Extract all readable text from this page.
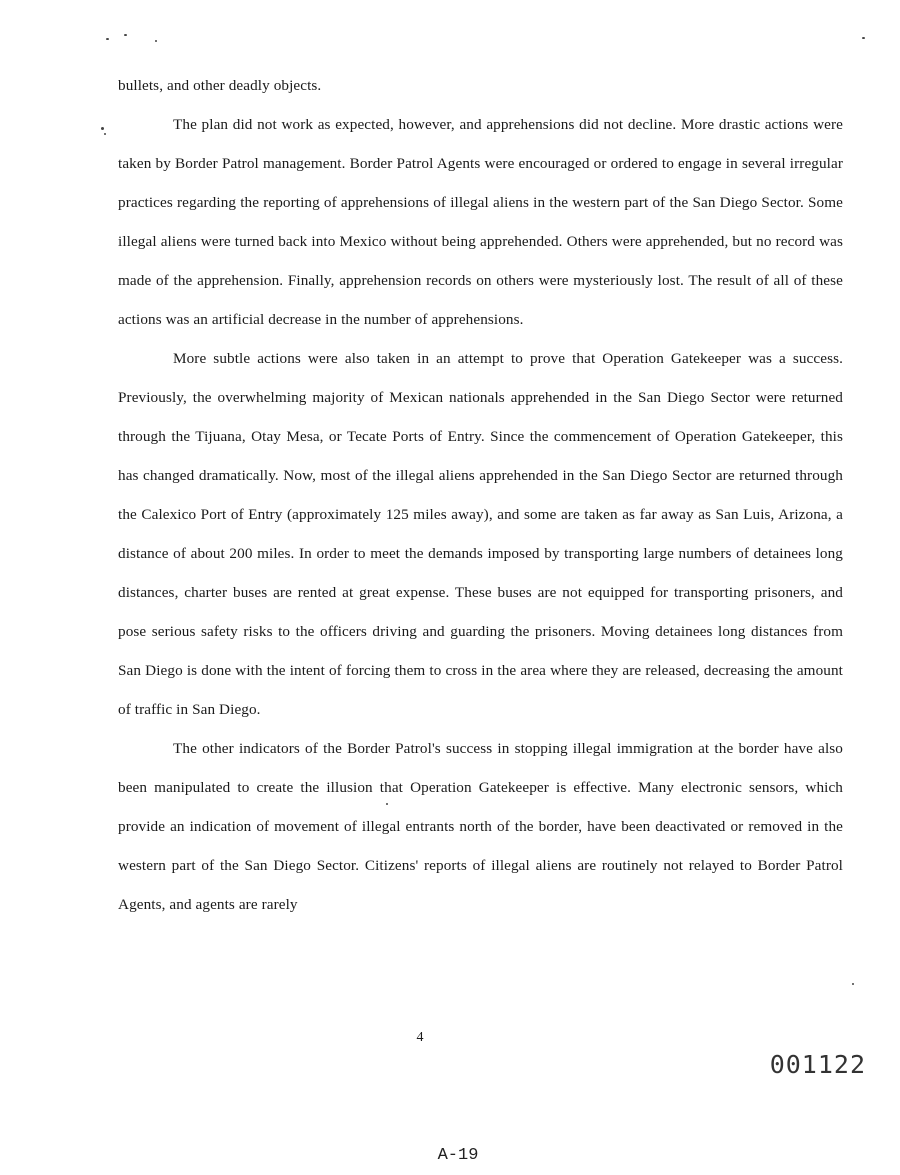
bullets, and other deadly objects.

The plan did not work as expected, however, and apprehensions did not decline. More drastic actions were taken by Border Patrol management. Border Patrol Agents were encouraged or ordered to engage in several irregular practices regarding the reporting of apprehensions of illegal aliens in the western part of the San Diego Sector. Some illegal aliens were turned back into Mexico without being apprehended. Others were apprehended, but no record was made of the apprehension. Finally, apprehension records on others were mysteriously lost. The result of all of these actions was an artificial decrease in the number of apprehensions.

More subtle actions were also taken in an attempt to prove that Operation Gatekeeper was a success. Previously, the overwhelming majority of Mexican nationals apprehended in the San Diego Sector were returned through the Tijuana, Otay Mesa, or Tecate Ports of Entry. Since the commencement of Operation Gatekeeper, this has changed dramatically. Now, most of the illegal aliens apprehended in the San Diego Sector are returned through the Calexico Port of Entry (approximately 125 miles away), and some are taken as far away as San Luis, Arizona, a distance of about 200 miles. In order to meet the demands imposed by transporting large numbers of detainees long distances, charter buses are rented at great expense. These buses are not equipped for transporting prisoners, and pose serious safety risks to the officers driving and guarding the prisoners. Moving detainees long distances from San Diego is done with the intent of forcing them to cross in the area where they are released, decreasing the amount of traffic in San Diego.

The other indicators of the Border Patrol's success in stopping illegal immigration at the border have also been manipulated to create the illusion that Operation Gatekeeper is effective. Many electronic sensors, which provide an indication of movement of illegal entrants north of the border, have been deactivated or removed in the western part of the San Diego Sector. Citizens' reports of illegal aliens are routinely not relayed to Border Patrol Agents, and agents are rarely

4
001122
A-19
